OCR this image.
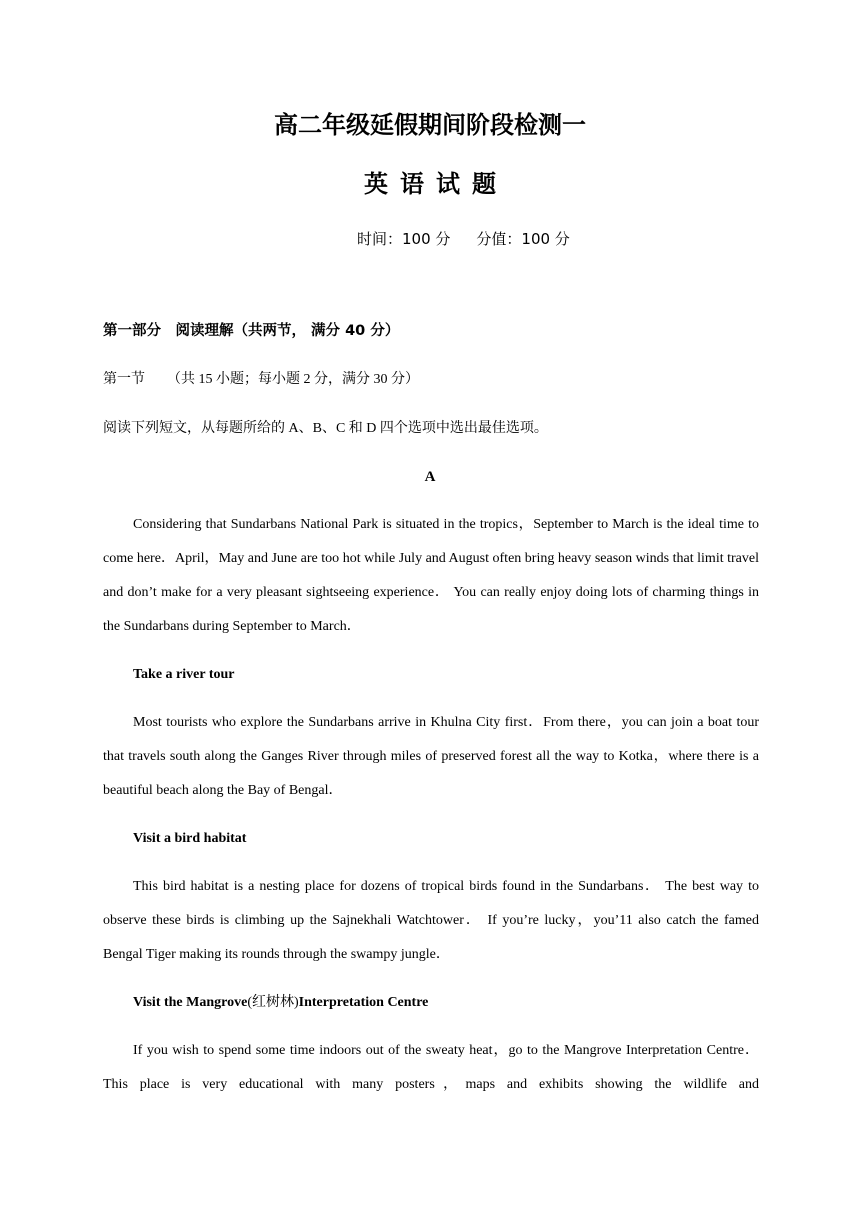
高二年级延假期间阶段检测一
英语试题
时间：100 分 分值：100 分

第一部分　阅读理解（共两节， 满分 40 分）

第一节 （共 15 小题；每小题 2 分，满分 30 分）

阅读下列短文，从每题所给的 A、B、C 和 D 四个选项中选出最佳选项。

A

Considering that Sundarbans National Park is situated in the tropics，September to March is the ideal time to come here．April，May and June are too hot while July and August often bring heavy season winds that limit travel and don’t make for a very pleasant sightseeing experience． You can really enjoy doing lots of charming things in the Sundarbans during September to March．

Take a river tour

Most tourists who explore the Sundarbans arrive in Khulna City first．From there，you can join a boat tour that travels south along the Ganges River through miles of preserved forest all the way to Kotka，where there is a beautiful beach along the Bay of Bengal．

Visit a bird habitat

This bird habitat is a nesting place for dozens of tropical birds found in the Sundarbans． The best way to observe these birds is climbing up the Sajnekhali Watchtower． If you’re lucky，you’11 also catch the famed Bengal Tiger making its rounds through the swampy jungle．

Visit the Mangrove(红树林)Interpretation Centre

If you wish to spend some time indoors out of the sweaty heat，go to the Mangrove Interpretation Centre．This place is very educational with many posters，maps and exhibits showing the wildlife and
